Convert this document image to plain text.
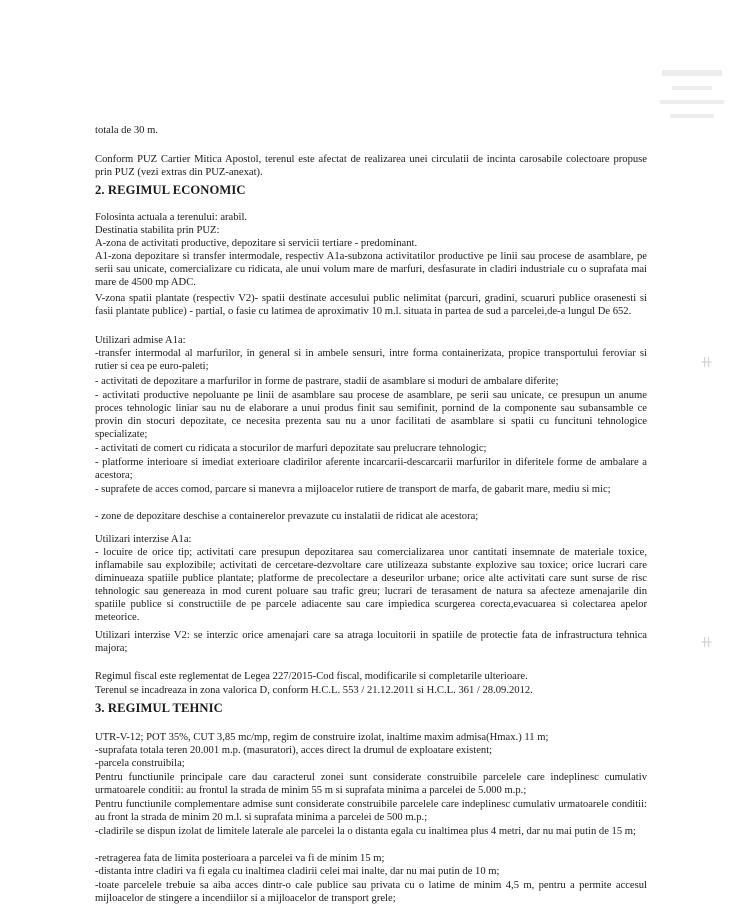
⧺
⧺

totala de 30 m.

Conform PUZ Cartier Mitica Apostol, terenul este afectat de realizarea unei circulatii de incinta carosabile colectoare propuse prin PUZ (vezi extras din PUZ-anexat).

2. REGIMUL ECONOMIC

Folosinta actuala a terenului: arabil.

Destinatia stabilita prin PUZ:

A-zona de activitati productive, depozitare si servicii tertiare - predominant.

A1-zona depozitare si transfer intermodale, respectiv A1a-subzona activitatilor productive pe linii sau procese de asamblare, pe serii sau unicate, comercializare cu ridicata, ale unui volum mare de marfuri, desfasurate in cladiri industriale cu o suprafata mai mare de 4500 mp ADC.

V-zona spatii plantate (respectiv V2)- spatii destinate accesului public nelimitat (parcuri, gradini, scuaruri publice orasenesti si fasii plantate publice) - partial, o fasie cu latimea de aproximativ 10 m.l. situata in partea de sud a parcelei,de-a lungul De 652.

Utilizari admise A1a:

-transfer intermodal al marfurilor, in general si in ambele sensuri, intre forma containerizata, propice transportului feroviar si rutier si cea pe euro-paleti;

- activitati de depozitare a marfurilor in forme de pastrare, stadii de asamblare si moduri de ambalare diferite;

- activitati productive nepoluante pe linii de asamblare sau procese de asamblare, pe serii sau unicate, ce presupun un anume proces tehnologic liniar sau nu de elaborare a unui produs finit sau semifinit, pornind de la componente sau subansamble ce provin din stocuri depozitate, ce necesita prezenta sau nu a unor facilitati de asamblare si spatii cu funcituni tehnologice specializate;

- activitati de comert cu ridicata a stocurilor de marfuri depozitate sau prelucrare tehnologic;

- platforme interioare si imediat exterioare cladirilor aferente incarcarii-descarcarii marfurilor in diferitele forme de ambalare a acestora;

- suprafete de acces comod, parcare si manevra a mijloacelor rutiere de transport de marfa, de gabarit mare, mediu si mic;

- zone de depozitare deschise a containerelor prevazute cu instalatii de ridicat ale acestora;

Utilizari interzise A1a:

- locuire de orice tip; activitati care presupun depozitarea sau comercializarea unor cantitati insemnate de materiale toxice, inflamabile sau explozibile; activitati de cercetare-dezvoltare care utilizeaza substante explozive sau toxice; orice lucrari care diminueaza spatiile publice plantate; platforme de precolectare a deseurilor urbane; orice alte activitati care sunt surse de risc tehnologic sau genereaza in mod curent poluare sau trafic greu; lucrari de terasament de natura sa afecteze amenajarile din spatiile publice si constructiile de pe parcele adiacente sau care impiedica scurgerea corecta,evacuarea si colectarea apelor meteorice.

Utilizari interzise V2: se interzic orice amenajari care sa atraga locuitorii in spatiile de protectie fata de infrastructura tehnica majora;

Regimul fiscal este reglementat de Legea 227/2015-Cod fiscal, modificarile si completarile ulterioare.

Terenul se incadreaza in zona valorica D, conform H.C.L. 553 / 21.12.2011 si H.C.L. 361 / 28.09.2012.

3. REGIMUL TEHNIC

UTR-V-12; POT 35%, CUT 3,85 mc/mp, regim de construire izolat, inaltime maxim admisa(Hmax.) 11 m;

-suprafata totala teren 20.001 m.p. (masuratori), acces direct la drumul de exploatare existent;

-parcela construibila;

Pentru functiunile principale care dau caracterul zonei sunt considerate construibile parcelele care indeplinesc cumulativ urmatoarele conditii: au frontul la strada de minim 55 m si suprafata minima a parcelei de 5.000 m.p.;

Pentru functiunile complementare admise sunt considerate construibile parcelele care indeplinesc cumulativ urmatoarele conditii: au front la strada de minim 20 m.l. si suprafata minima a parcelei de 500 m.p.;

-cladirile se dispun izolat de limitele laterale ale parcelei la o distanta egala cu inaltimea plus 4 metri, dar nu mai putin de 15 m;

-retragerea fata de limita posterioara a parcelei va fi de minim 15 m;

-distanta intre cladiri va fi egala cu inaltimea cladirii celei mai inalte, dar nu mai putin de 10 m;

-toate parcelele trebuie sa aiba acces dintr-o cale publice sau privata cu o latime de minim 4,5 m, pentru a permite accesul mijloacelor de stingere a incendiilor si a mijloacelor de transport grele;
